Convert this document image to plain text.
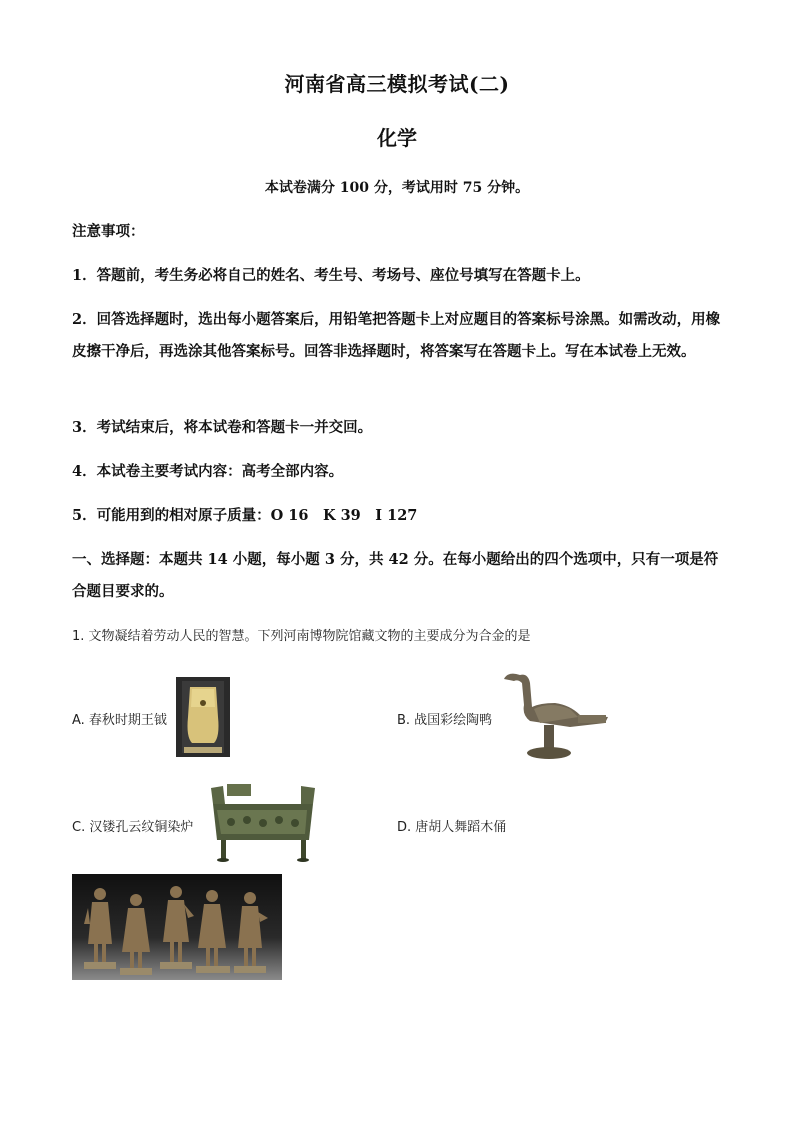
河南省高三模拟考试(二)
化学
本试卷满分 100 分，考试用时 75 分钟。
注意事项：
1．答题前，考生务必将自己的姓名、考生号、考场号、座位号填写在答题卡上。
2．回答选择题时，选出每小题答案后，用铅笔把答题卡上对应题目的答案标号涂黑。如需改动，用橡皮擦干净后，再选涂其他答案标号。回答非选择题时，将答案写在答题卡上。写在本试卷上无效。
3．考试结束后，将本试卷和答题卡一并交回。
4．本试卷主要考试内容：高考全部内容。
5．可能用到的相对原子质量：O 16　K 39　I 127
一、选择题：本题共 14 小题，每小题 3 分，共 42 分。在每小题给出的四个选项中，只有一项是符合题目要求的。
1. 文物凝结着劳动人民的智慧。下列河南博物院馆藏文物的主要成分为合金的是
A. 春秋时期王钺	B. 战国彩绘陶鸭
C. 汉镂孔云纹铜染炉	D. 唐胡人舞蹈木俑
